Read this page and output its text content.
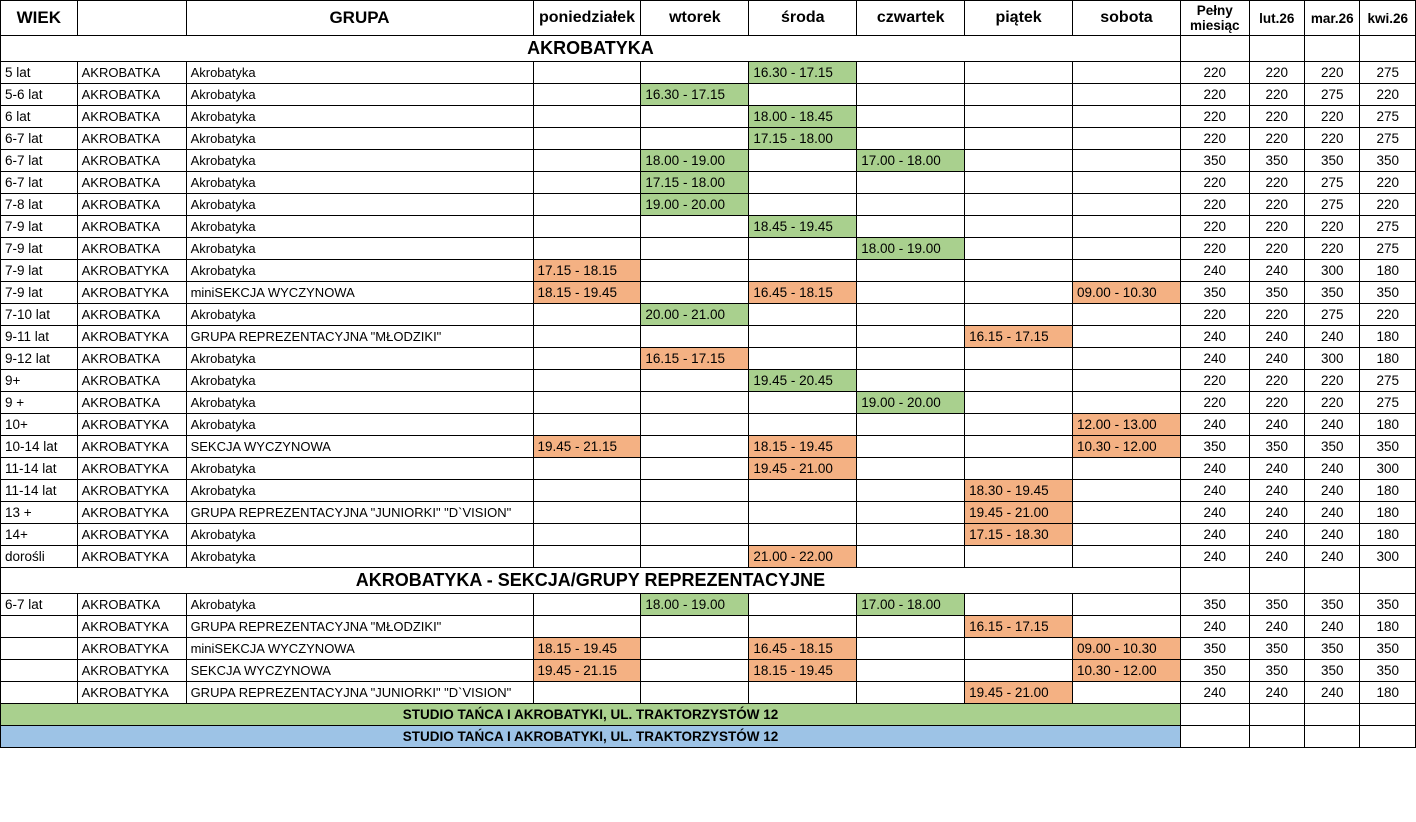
WIEK		GRUPA	poniedziałek	wtorek	środa	czwartek	piątek	sobota	Pełny miesiąc	lut.26	mar.26	kwi.26
AKROBATYKA												
5 lat	AKROBATKA	Akrobatyka			16.30 - 17.15				220	220	220	275
5-6 lat	AKROBATKA	Akrobatyka		16.30 - 17.15					220	220	275	220
6 lat	AKROBATKA	Akrobatyka			18.00 - 18.45				220	220	220	275
6-7 lat	AKROBATKA	Akrobatyka			17.15 - 18.00				220	220	220	275
6-7 lat	AKROBATKA	Akrobatyka		18.00 - 19.00		17.00 - 18.00			350	350	350	350
6-7 lat	AKROBATKA	Akrobatyka		17.15 - 18.00					220	220	275	220
7-8 lat	AKROBATKA	Akrobatyka		19.00 - 20.00					220	220	275	220
7-9 lat	AKROBATKA	Akrobatyka			18.45 - 19.45				220	220	220	275
7-9 lat	AKROBATKA	Akrobatyka				18.00 - 19.00			220	220	220	275
7-9 lat	AKROBATYKA	Akrobatyka	17.15 - 18.15						240	240	300	180
7-9 lat	AKROBATYKA	miniSEKCJA WYCZYNOWA	18.15 - 19.45		16.45 - 18.15			09.00 - 10.30	350	350	350	350
7-10 lat	AKROBATKA	Akrobatyka		20.00 - 21.00					220	220	275	220
9-11 lat	AKROBATYKA	GRUPA REPREZENTACYJNA "MŁODZIKI"					16.15 - 17.15		240	240	240	180
9-12 lat	AKROBATKA	Akrobatyka		16.15 - 17.15					240	240	300	180
9+	AKROBATKA	Akrobatyka			19.45 - 20.45				220	220	220	275
9 +	AKROBATKA	Akrobatyka				19.00 - 20.00			220	220	220	275
10+	AKROBATYKA	Akrobatyka						12.00 - 13.00	240	240	240	180
10-14 lat	AKROBATYKA	SEKCJA WYCZYNOWA	19.45 - 21.15		18.15 - 19.45			10.30 - 12.00	350	350	350	350
11-14 lat	AKROBATYKA	Akrobatyka			19.45 - 21.00				240	240	240	300
11-14 lat	AKROBATYKA	Akrobatyka					18.30 - 19.45		240	240	240	180
13 +	AKROBATYKA	GRUPA REPREZENTACYJNA "JUNIORKI" "D`VISION"					19.45 - 21.00		240	240	240	180
14+	AKROBATYKA	Akrobatyka					17.15 - 18.30		240	240	240	180
dorośli	AKROBATYKA	Akrobatyka			21.00 - 22.00				240	240	240	300
AKROBATYKA - SEKCJA/GRUPY REPREZENTACYJNE												
6-7 lat	AKROBATKA	Akrobatyka		18.00 - 19.00		17.00 - 18.00			350	350	350	350
	AKROBATYKA	GRUPA REPREZENTACYJNA "MŁODZIKI"					16.15 - 17.15		240	240	240	180
	AKROBATYKA	miniSEKCJA WYCZYNOWA	18.15 - 19.45		16.45 - 18.15			09.00 - 10.30	350	350	350	350
	AKROBATYKA	SEKCJA WYCZYNOWA	19.45 - 21.15		18.15 - 19.45			10.30 - 12.00	350	350	350	350
	AKROBATYKA	GRUPA REPREZENTACYJNA "JUNIORKI" "D`VISION"					19.45 - 21.00		240	240	240	180
STUDIO TAŃCA I AKROBATYKI, UL. TRAKTORZYSTÓW 12												
STUDIO TAŃCA I AKROBATYKI, UL. TRAKTORZYSTÓW 12												
